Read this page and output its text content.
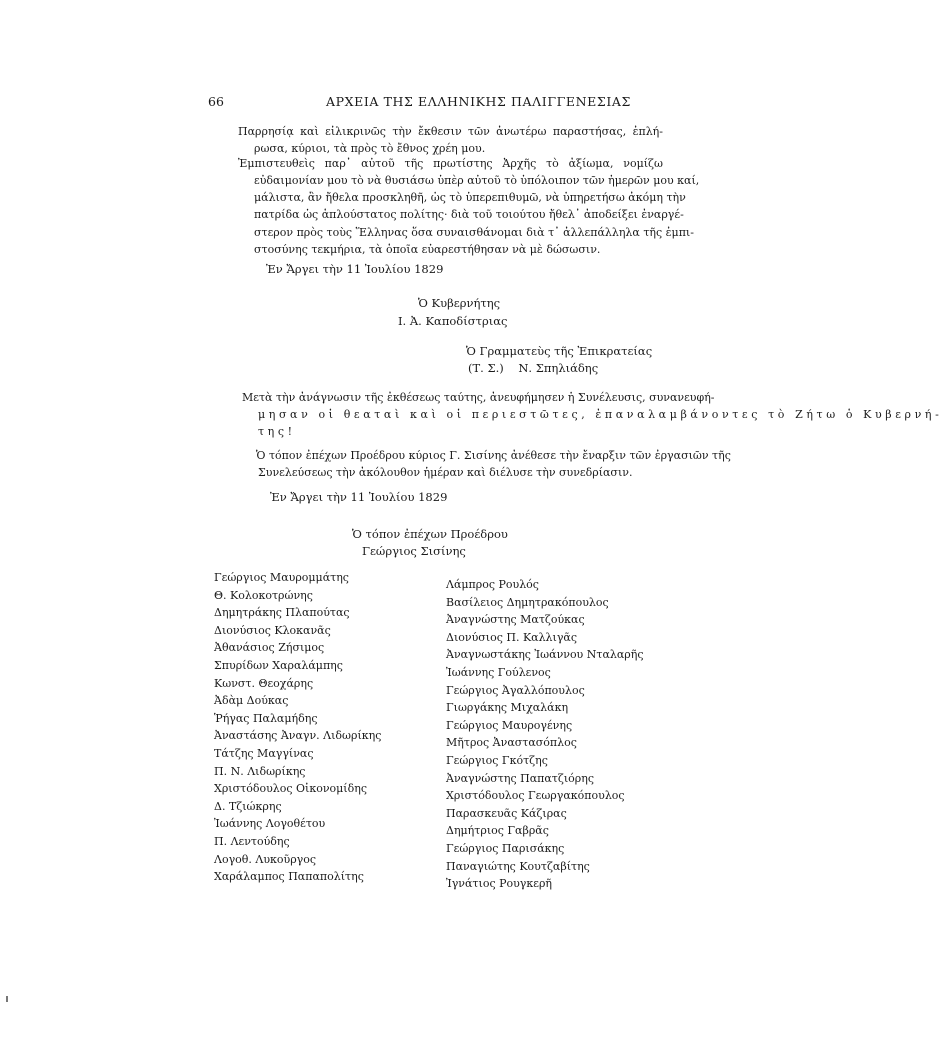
66	ΑΡΧΕΙΑ ΤΗΣ ΕΛΛΗΝΙΚΗΣ ΠΑΛΙΓΓΕΝΕΣΙΑΣ
Παρρησίᾳ καὶ εἰλικρινῶς τὴν ἔκθεσιν τῶν ἀνωτέρω παραστήσας, ἐπλή-
ρωσα, κύριοι, τὰ πρὸς τὸ ἔθνος χρέη μου.
Ἐμπιστευθεὶς παρ᾽ αὐτοῦ τῆς πρωτίστης Ἀρχῆς τὸ ἀξίωμα, νομίζω
εὐδαιμονίαν μου τὸ νὰ θυσιάσω ὑπὲρ αὐτοῦ τὸ ὑπόλοιπον τῶν ἡμερῶν μου καί,
μάλιστα, ἂν ἤθελα προσκληθῆ, ὡς τὸ ὑπερεπιθυμῶ, νὰ ὑπηρετήσω ἀκόμη τὴν
πατρίδα ὡς ἁπλούστατος πολίτης· διὰ τοῦ τοιούτου ἤθελ᾽ ἀποδείξει ἐναργέ-
στερον πρὸς τοὺς Ἕλληνας ὅσα συναισθάνομαι διὰ τ᾽ ἀλλεπάλληλα τῆς ἐμπι-
στοσύνης τεκμήρια, τὰ ὁποῖα εὐαρεστήθησαν νὰ μὲ δώσωσιν.
Ἐν Ἄργει τὴν 11 Ἰουλίου 1829
Ὁ Κυβερνήτης
Ι. Ἀ. Καποδίστριας
Ὁ Γραμματεὺς τῆς Ἐπικρατείας
(Τ. Σ.)    Ν. Σπηλιάδης
Μετὰ τὴν ἀνάγνωσιν τῆς ἐκθέσεως ταύτης, ἀνευφήμησεν ἡ Συνέλευσις, συνανευφή-
μησαν οἱ θεαταὶ καὶ οἱ περιεστῶτες, ἐπαναλαμβάνοντες τὸ Ζήτω ὁ Κυβερνή-
της!
Ὁ τόπον ἐπέχων Προέδρου κύριος Γ. Σισίνης ἀνέθεσε τὴν ἔναρξιν τῶν ἐργασιῶν τῆς
Συνελεύσεως τὴν ἀκόλουθον ἡμέραν καὶ διέλυσε τὴν συνεδρίασιν.
Ἐν Ἄργει τὴν 11 Ἰουλίου 1829
Ὁ τόπον ἐπέχων Προέδρου
Γεώργιος Σισίνης
Γεώργιος Μαυρομμάτης
Θ. Κολοκοτρώνης
Δημητράκης Πλαπούτας
Διονύσιος Κλοκανᾶς
Ἀθανάσιος Ζήσιμος
Σπυρίδων Χαραλάμπης
Κωνστ. Θεοχάρης
Ἀδὰμ Δούκας
Ῥήγας Παλαμήδης
Ἀναστάσης Ἀναγν. Λιδωρίκης
Τάτζης Μαγγίνας
Π. Ν. Λιδωρίκης
Χριστόδουλος Οἰκονομίδης
Δ. Τζιώκρης
Ἰωάννης Λογοθέτου
Π. Λεντούδης
Λογοθ. Λυκοῦργος
Χαράλαμπος Παπαπολίτης
Λάμπρος Ρουλός
Βασίλειος Δημητρακόπουλος
Ἀναγνώστης Ματζούκας
Διονύσιος Π. Καλλιγᾶς
Ἀναγνωστάκης Ἰωάννου Νταλαρῆς
Ἰωάννης Γούλενος
Γεώργιος Ἀγαλλόπουλος
Γιωργάκης Μιχαλάκη
Γεώργιος Μαυρογένης
Μῆτρος Ἀναστασόπλος
Γεώργιος Γκότζης
Ἀναγνώστης Παπατζιόρης
Χριστόδουλος Γεωργακόπουλος
Παρασκευᾶς Κάζιρας
Δημήτριος Γαβρᾶς
Γεώργιος Παρισάκης
Παναγιώτης Κουτζαβίτης
Ἰγνάτιος Ρουγκερῆ
